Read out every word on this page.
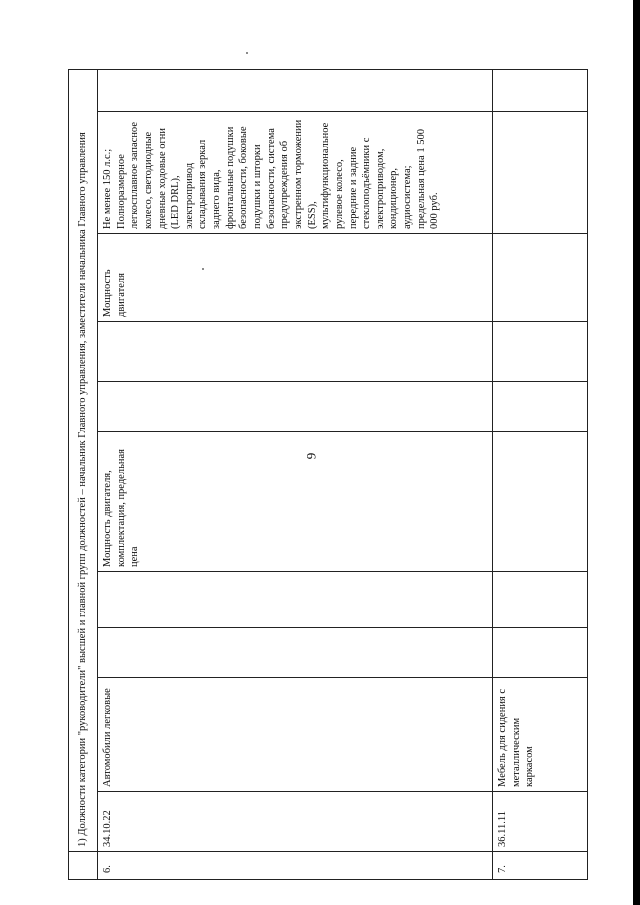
9
	1) Должности категории "руководители" высшей и главной групп должностей – начальник Главного управления, заместители начальника Главного управления									
6.	34.10.22	Автомобили легковые			Мощность двигателя, комплектация, предельная цена			Мощность двигателя	Не менее 150 л.с.;
Полноразмерное легкосплавное запасное колесо, светодиодные дневные ходовые огни (LED DRL), электропривод складывания зеркал заднего вида, фронтальные подушки безопасности, боковые подушки и шторки безопасности, система предупреждения об экстренном торможении (ESS), мультифункциональное рулевое колесо, передние и задние стеклоподъёмники с электроприводом, кондиционер, аудиосистема;
предельная цена 1 500 000 руб.	
7.	36.11.11	Мебель для сидения с металлическим каркасом								
